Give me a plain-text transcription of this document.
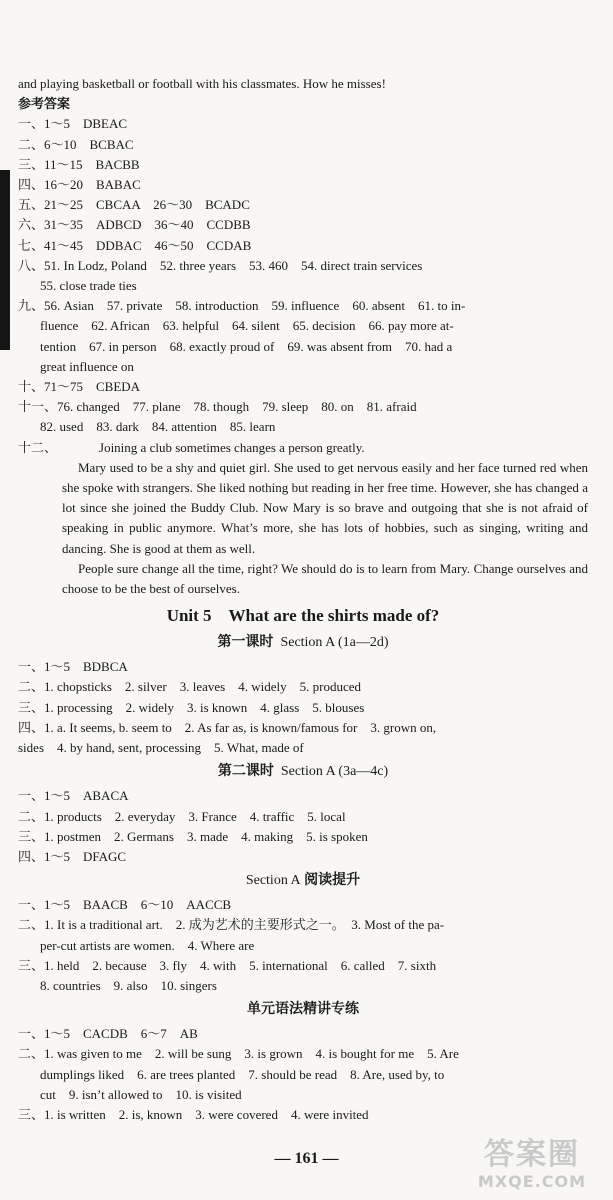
and playing basketball or football with his classmates. How he misses!
参考答案
一、1～5　DBEAC
二、6～10　BCBAC
三、11～15　BACBB
四、16～20　BABAC
五、21～25　CBCAA　26～30　BCADC
六、31～35　ADBCD　36～40　CCDBB
七、41～45　DDBAC　46～50　CCDAB
八、51. In Lodz, Poland　52. three years　53. 460　54. direct train services
55. close trade ties
九、56. Asian　57. private　58. introduction　59. influence　60. absent　61. to in-
fluence　62. African　63. helpful　64. silent　65. decision　66. pay more at-
tention　67. in person　68. exactly proud of　69. was absent from　70. had a
great influence on
十、71～75　CBEDA
十一、76. changed　77. plane　78. though　79. sleep　80. on　81. afraid
82. used　83. dark　84. attention　85. learn
十二、	Joining a club sometimes changes a person greatly.
Mary used to be a shy and quiet girl. She used to get nervous easily and her face turned red when she spoke with strangers. She liked nothing but reading in her free time. However, she has changed a lot since she joined the Buddy Club. Now Mary is so brave and outgoing that she is not afraid of speaking in public anymore. What’s more, she has lots of hobbies, such as singing, writing and dancing. She is good at them as well.
People sure change all the time, right? We should do is to learn from Mary. Change ourselves and choose to be the best of ourselves.
Unit 5　What are the shirts made of?
第一课时 Section A (1a—2d)
一、1～5　BDBCA
二、1. chopsticks　2. silver　3. leaves　4. widely　5. produced
三、1. processing　2. widely　3. is known　4. glass　5. blouses
四、1. a. It seems, b. seem to　2. As far as, is known/famous for　3. grown on,
sides　4. by hand, sent, processing　5. What, made of
第二课时 Section A (3a—4c)
一、1～5　ABACA
二、1. products　2. everyday　3. France　4. traffic　5. local
三、1. postmen　2. Germans　3. made　4. making　5. is spoken
四、1～5　DFAGC
Section A 阅读提升
一、1～5　BAACB　6～10　AACCB
二、1. It is a traditional art.　2. 成为艺术的主要形式之一。　3. Most of the pa-
per-cut artists are women.　4. Where are
三、1. held　2. because　3. fly　4. with　5. international　6. called　7. sixth
8. countries　9. also　10. singers
单元语法精讲专练
一、1～5　CACDB　6～7　AB
二、1. was given to me　2. will be sung　3. is grown　4. is bought for me　5. Are
dumplings liked　6. are trees planted　7. should be read　8. Are, used by, to
cut　9. isn’t allowed to　10. is visited
三、1. is written　2. is, known　3. were covered　4. were invited
— 161 —	答案圈
MXQE.COM
